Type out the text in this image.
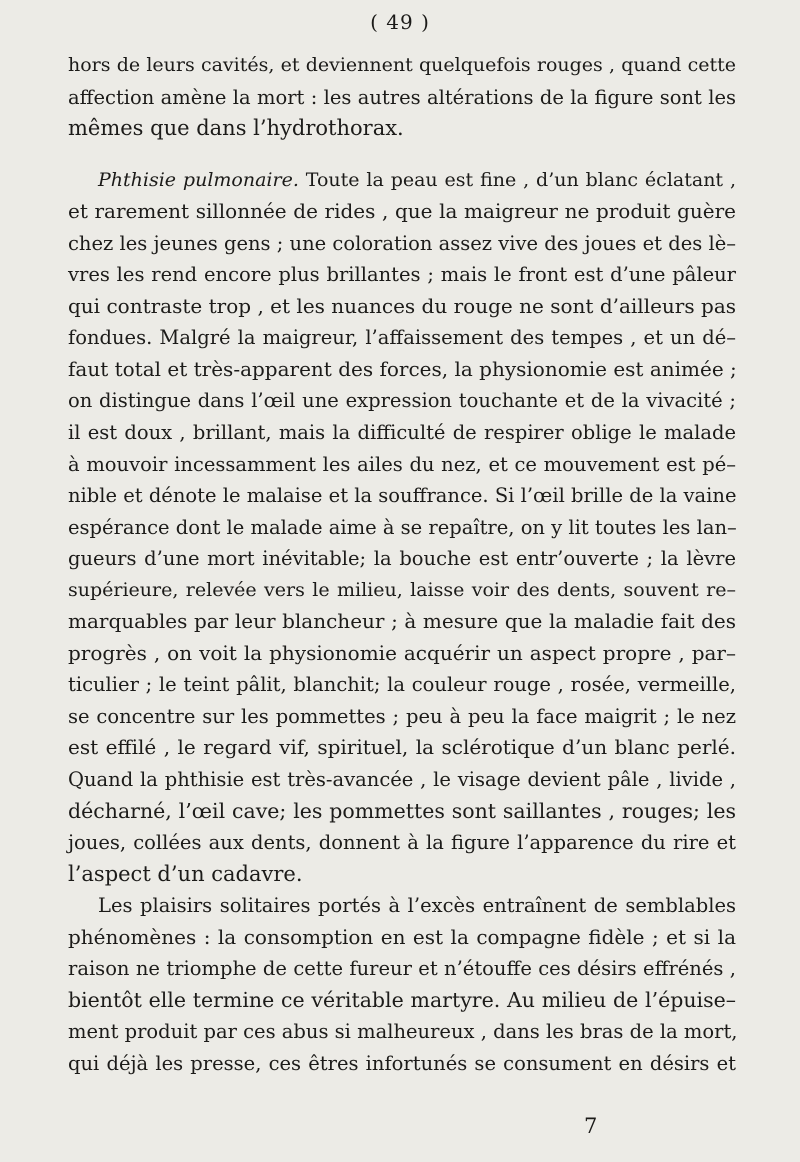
( 49 )
hors de leurs cavités, et deviennent quelquefois rouges , quand cette
affection amène la mort : les autres altérations de la figure sont les
mêmes que dans l’hydrothorax.
Phthisie pulmonaire. Toute la peau est fine , d’un blanc éclatant ,
et rarement sillonnée de rides , que la maigreur ne produit guère
chez les jeunes gens ; une coloration assez vive des joues et des lè–
vres les rend encore plus brillantes ; mais le front est d’une pâleur
qui contraste trop , et les nuances du rouge ne sont d’ailleurs pas
fondues. Malgré la maigreur, l’affaissement des tempes , et un dé–
faut total et très-apparent des forces, la physionomie est animée ;
on distingue dans l’œil une expression touchante et de la vivacité ;
il est doux , brillant, mais la difficulté de respirer oblige le malade
à mouvoir incessamment les ailes du nez, et ce mouvement est pé–
nible et dénote le malaise et la souffrance. Si l’œil brille de la vaine
espérance dont le malade aime à se repaître, on y lit toutes les lan–
gueurs d’une mort inévitable; la bouche est entr’ouverte ; la lèvre
supérieure, relevée vers le milieu, laisse voir des dents, souvent re–
marquables par leur blancheur ; à mesure que la maladie fait des
progrès , on voit la physionomie acquérir un aspect propre , par–
ticulier ; le teint pâlit, blanchit; la couleur rouge , rosée, vermeille,
se concentre sur les pommettes ; peu à peu la face maigrit ; le nez
est effilé , le regard vif, spirituel, la sclérotique d’un blanc perlé.
Quand la phthisie est très-avancée , le visage devient pâle , livide ,
décharné, l’œil cave; les pommettes sont saillantes , rouges; les
joues, collées aux dents, donnent à la figure l’apparence du rire et
l’aspect d’un cadavre.
Les plaisirs solitaires portés à l’excès entraînent de semblables
phénomènes : la consomption en est la compagne fidèle ; et si la
raison ne triomphe de cette fureur et n’étouffe ces désirs effrénés ,
bientôt elle termine ce véritable martyre. Au milieu de l’épuise–
ment produit par ces abus si malheureux , dans les bras de la mort,
qui déjà les presse, ces êtres infortunés se consument en désirs et
7
